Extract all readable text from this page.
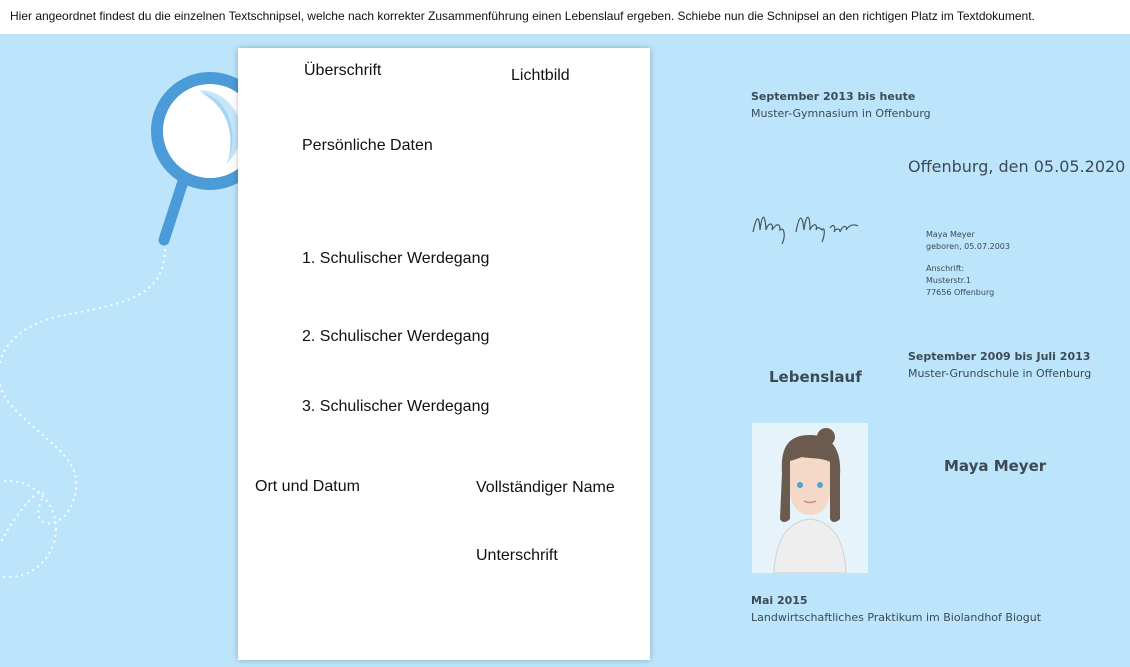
Hier angeordnet findest du die einzelnen Textschnipsel, welche nach korrekter Zusammenführung einen Lebenslauf ergeben. Schiebe nun die Schnipsel an den richtigen Platz im Textdokument.
Überschrift	Lichtbild
Persönliche Daten
1. Schulischer Werdegang
2. Schulischer Werdegang
3. Schulischer Werdegang
Ort und Datum	Vollständiger Name
Unterschrift
September 2013 bis heute
Muster-Gymnasium in Offenburg
Offenburg, den 05.05.2020
Maya Meyer
geboren, 05.07.2003
Anschrift:
Musterstr.1
77656 Offenburg
September 2009 bis Juli 2013
Muster-Grundschule in Offenburg
Lebenslauf
Maya Meyer
Mai 2015
Landwirtschaftliches Praktikum im Biolandhof Biogut
